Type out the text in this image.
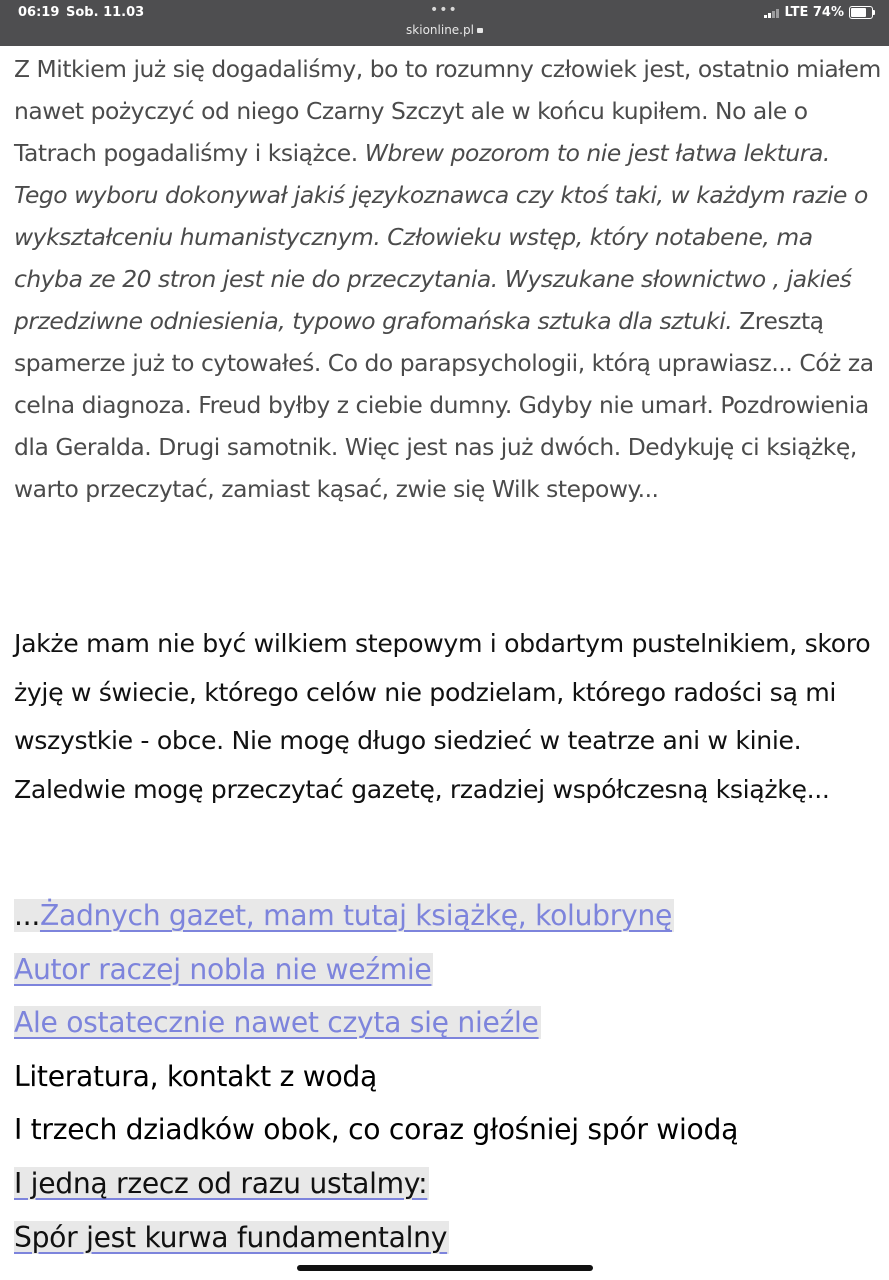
06:19 Sob. 11.03	•••
skionline.pl
LTE
74%

Z Mitkiem już się dogadaliśmy, bo to rozumny człowiek jest, ostatnio miałem nawet pożyczyć od niego Czarny Szczyt ale w końcu kupiłem. No ale o Tatrach pogadaliśmy i książce. Wbrew pozorom to nie jest łatwa lektura. Tego wyboru dokonywał jakiś językoznawca czy ktoś taki, w każdym razie o wykształceniu humanistycznym. Człowieku wstęp, który notabene, ma chyba ze 20 stron jest nie do przeczytania. Wyszukane słownictwo , jakieś przedziwne odniesienia, typowo grafomańska sztuka dla sztuki. Zresztą spamerze już to cytowałeś. Co do parapsychologii, którą uprawiasz... Cóż za celna diagnoza. Freud byłby z ciebie dumny. Gdyby nie umarł. Pozdrowienia dla Geralda. Drugi samotnik. Więc jest nas już dwóch. Dedykuję ci książkę, warto przeczytać, zamiast kąsać, zwie się Wilk stepowy...

Jakże mam nie być wilkiem stepowym i obdartym pustelnikiem, skoro żyję w świecie, którego celów nie podzielam, którego radości są mi wszystkie - obce. Nie mogę długo siedzieć w teatrze ani w kinie. Zaledwie mogę przeczytać gazetę, rzadziej współczesną książkę...

...Żadnych gazet, mam tutaj książkę, kolubrynę
Autor raczej nobla nie weźmie
Ale ostatecznie nawet czyta się nieźle
Literatura, kontakt z wodą
I trzech dziadków obok, co coraz głośniej spór wiodą
I jedną rzecz od razu ustalmy:
Spór jest kurwa fundamentalny
